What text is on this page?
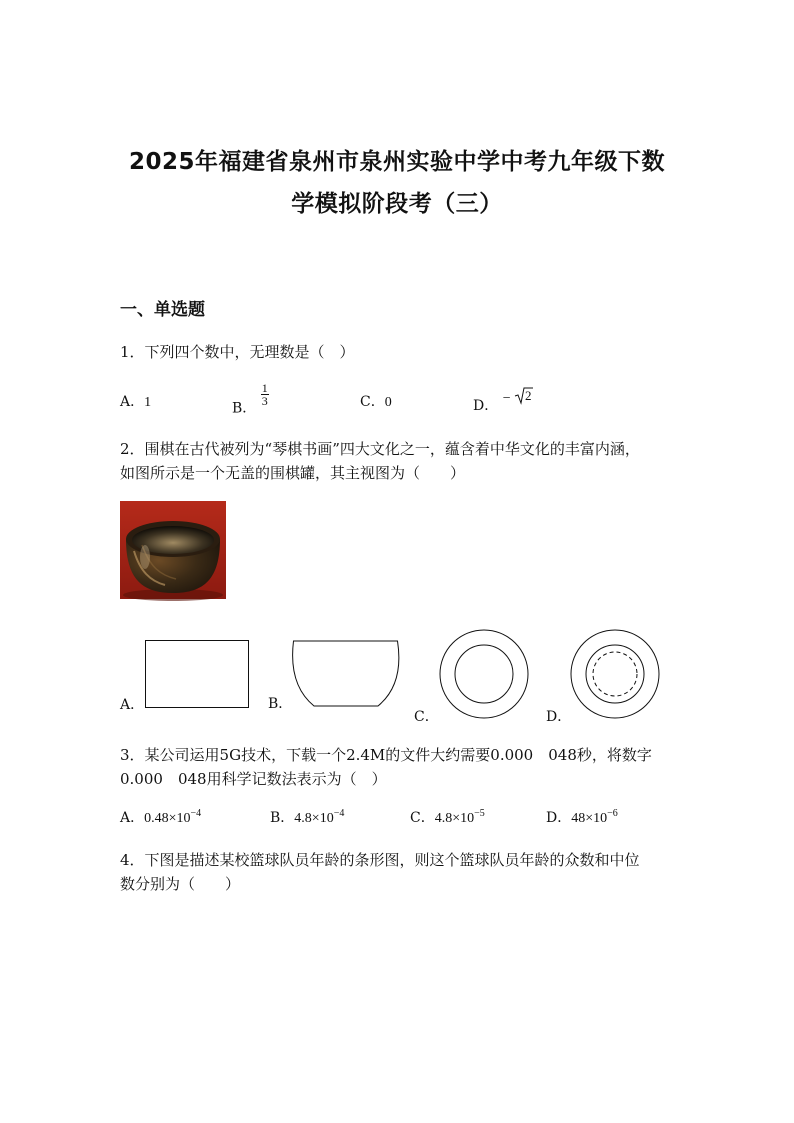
2025年福建省泉州市泉州实验中学中考九年级下数
学模拟阶段考（三）
一、单选题
1．下列四个数中，无理数是（　）
A．1	B．
$\frac{1}{3}$	C．0	D． − 2
2．围棋在古代被列为“琴棋书画”四大文化之一，蕴含着中华文化的丰富内涵，
如图所示是一个无盖的围棋罐，其主视图为（　　）
A．	B．
C．	D．
3．某公司运用5G技术，下载一个2.4M的文件大约需要0.000　048秒，将数字
0.000　048用科学记数法表示为（　）
A．$0.48\times 10^{-4}$	B．$4.8\times 10^{-4}$	C．$4.8\times 10^{-5}$	D．$48\times 10^{-6}$
4．下图是描述某校篮球队员年龄的条形图，则这个篮球队员年龄的众数和中位
数分别为（　　）
